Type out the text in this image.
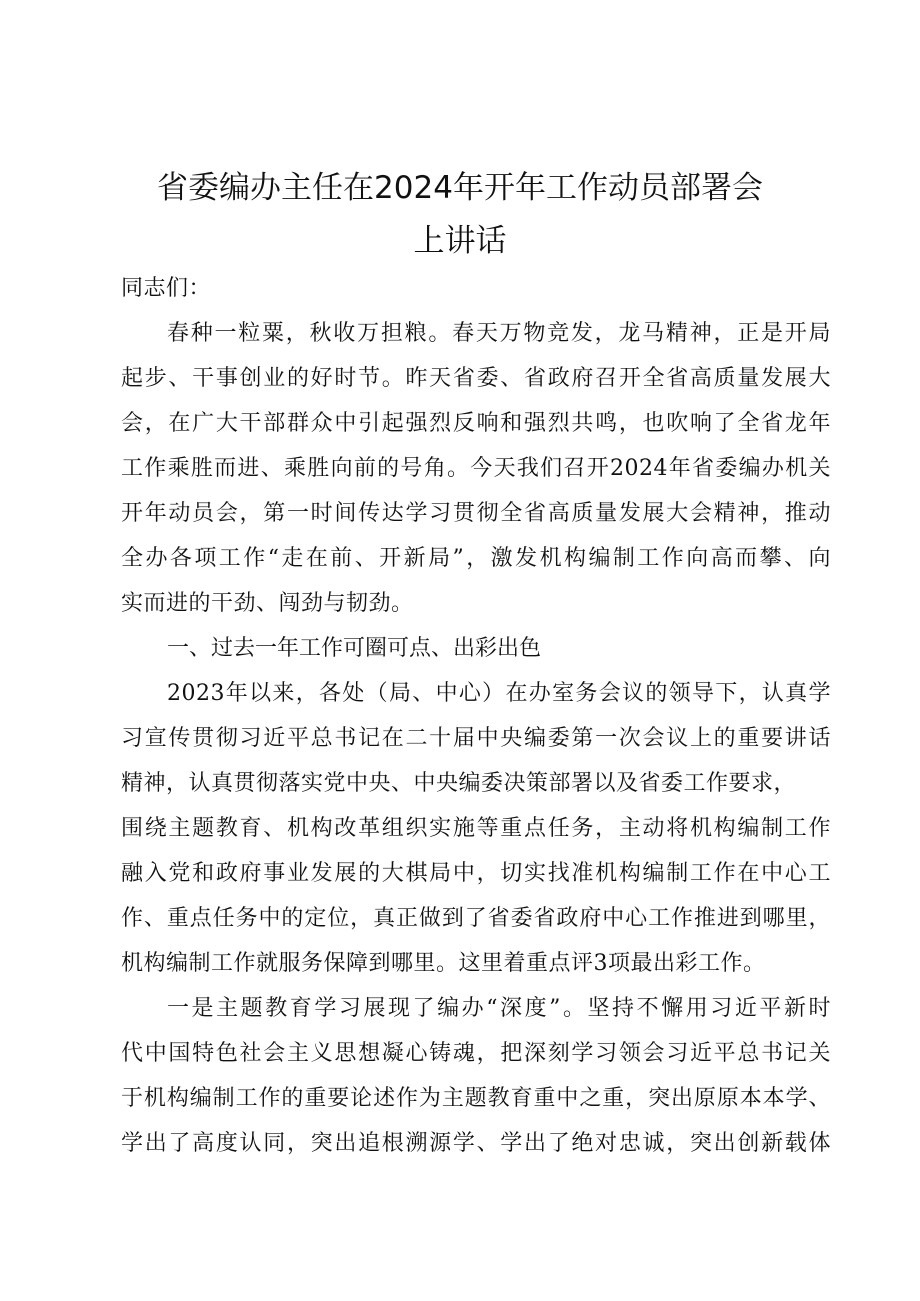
省委编办主任在2024年开年工作动员部署会
上讲话
同志们：
春种一粒粟，秋收万担粮。春天万物竞发，龙马精神，正是开局
起步、干事创业的好时节。昨天省委、省政府召开全省高质量发展大
会，在广大干部群众中引起强烈反响和强烈共鸣，也吹响了全省龙年
工作乘胜而进、乘胜向前的号角。今天我们召开2024年省委编办机关
开年动员会，第一时间传达学习贯彻全省高质量发展大会精神，推动
全办各项工作“走在前、开新局”，激发机构编制工作向高而攀、向
实而进的干劲、闯劲与韧劲。
一、过去一年工作可圈可点、出彩出色
2023年以来，各处（局、中心）在办室务会议的领导下，认真学
习宣传贯彻习近平总书记在二十届中央编委第一次会议上的重要讲话
精神，认真贯彻落实党中央、中央编委决策部署以及省委工作要求，
围绕主题教育、机构改革组织实施等重点任务，主动将机构编制工作
融入党和政府事业发展的大棋局中，切实找准机构编制工作在中心工
作、重点任务中的定位，真正做到了省委省政府中心工作推进到哪里，
机构编制工作就服务保障到哪里。这里着重点评3项最出彩工作。
一是主题教育学习展现了编办“深度”。坚持不懈用习近平新时
代中国特色社会主义思想凝心铸魂，把深刻学习领会习近平总书记关
于机构编制工作的重要论述作为主题教育重中之重，突出原原本本学、
学出了高度认同，突出追根溯源学、学出了绝对忠诚，突出创新载体
